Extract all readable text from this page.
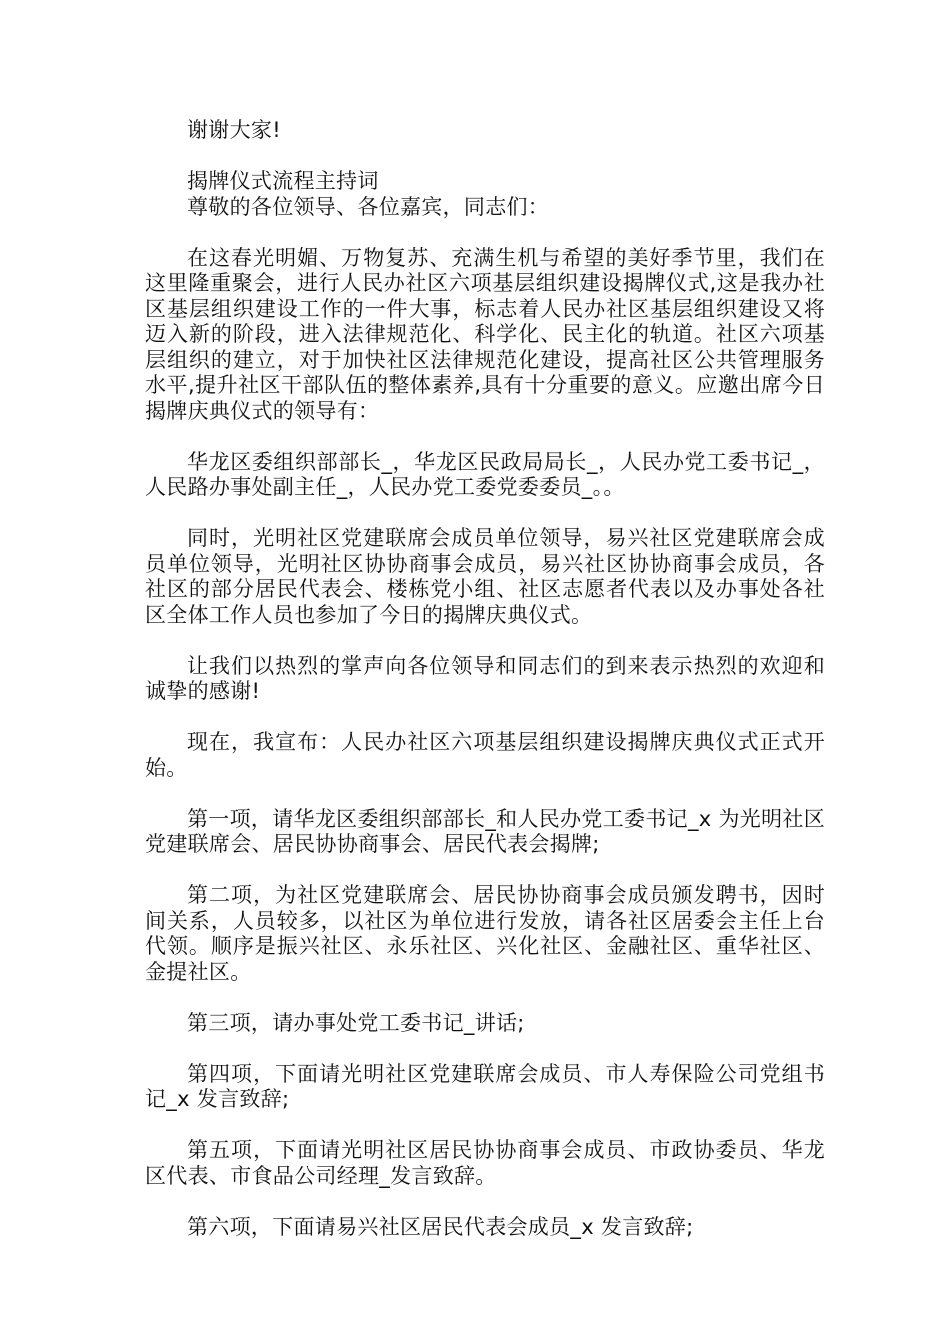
谢谢大家!

揭牌仪式流程主持词

尊敬的各位领导、各位嘉宾，同志们：

在这春光明媚、万物复苏、充满生机与希望的美好季节里，我们在这里隆重聚会，进行人民办社区六项基层组织建设揭牌仪式,这是我办社区基层组织建设工作的一件大事，标志着人民办社区基层组织建设又将迈入新的阶段，进入法律规范化、科学化、民主化的轨道。社区六项基层组织的建立，对于加快社区法律规范化建设，提高社区公共管理服务水平,提升社区干部队伍的整体素养,具有十分重要的意义。应邀出席今日揭牌庆典仪式的领导有：

华龙区委组织部部长_，华龙区民政局局长_，人民办党工委书记_，人民路办事处副主任_，人民办党工委党委委员_。。

同时，光明社区党建联席会成员单位领导，易兴社区党建联席会成员单位领导，光明社区协协商事会成员，易兴社区协协商事会成员，各社区的部分居民代表会、楼栋党小组、社区志愿者代表以及办事处各社区全体工作人员也参加了今日的揭牌庆典仪式。

让我们以热烈的掌声向各位领导和同志们的到来表示热烈的欢迎和诚挚的感谢!

现在，我宣布：人民办社区六项基层组织建设揭牌庆典仪式正式开始。

第一项，请华龙区委组织部部长_和人民办党工委书记_x 为光明社区党建联席会、居民协协商事会、居民代表会揭牌;

第二项，为社区党建联席会、居民协协商事会成员颁发聘书，因时间关系，人员较多，以社区为单位进行发放，请各社区居委会主任上台代领。顺序是振兴社区、永乐社区、兴化社区、金融社区、重华社区、金提社区。

第三项，请办事处党工委书记_讲话;

第四项，下面请光明社区党建联席会成员、市人寿保险公司党组书记_x 发言致辞;

第五项，下面请光明社区居民协协商事会成员、市政协委员、华龙区代表、市食品公司经理_发言致辞。

第六项，下面请易兴社区居民代表会成员_x 发言致辞;
